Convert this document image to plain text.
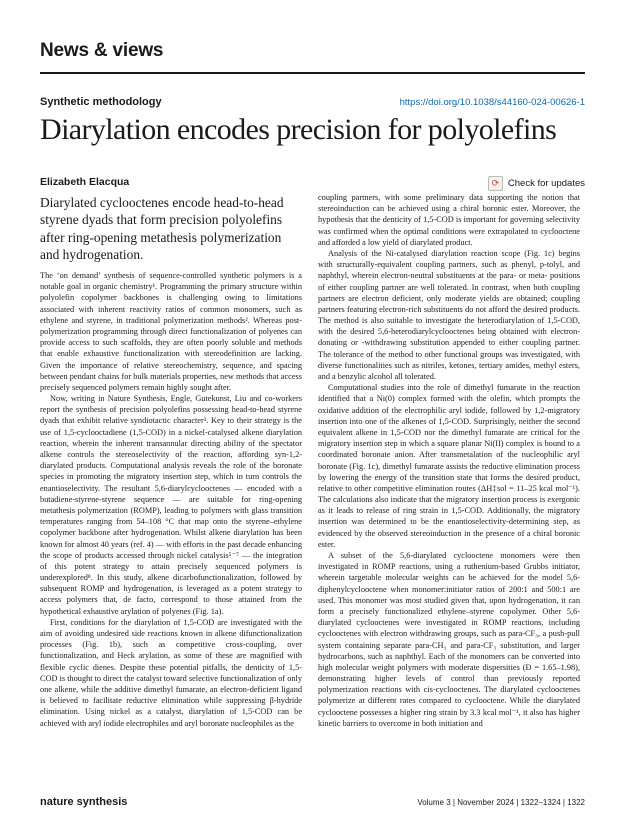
News & views
Synthetic methodology	https://doi.org/10.1038/s44160-024-00626-1
Diarylation encodes precision for polyolefins
Elizabeth Elacqua	⟳ Check for updates
Diarylated cyclooctenes encode head-to-head styrene dyads that form precision polyolefins after ring-opening metathesis polymerization and hydrogenation.

The ‘on demand’ synthesis of sequence-controlled synthetic polymers is a notable goal in organic chemistry¹. Programming the primary structure within polyolefin copolymer backbones is challenging owing to limitations associated with inherent reactivity ratios of common monomers, such as ethylene and styrene, in traditional polymerization methods². Whereas post-polymerization programming through direct functionalization of polyenes can provide access to such scaffolds, they are often poorly soluble and methods that enable exhaustive functionalization with stereodefinition are lacking. Given the importance of relative stereochemistry, sequence, and spacing between pendant chains for bulk materials properties, new methods that access precisely sequenced polymers remain highly sought after.

Now, writing in Nature Synthesis, Engle, Gutekunst, Liu and co-workers report the synthesis of precision polyolefins possessing head-to-head styrene dyads that exhibit relative syndiotactic character³. Key to their strategy is the use of 1,5-cyclooctadiene (1,5-COD) in a nickel-catalysed alkene diarylation reaction, wherein the inherent transannular directing ability of the spectator alkene controls the stereoselectivity of the reaction, affording syn-1,2-diarylated products. Computational analysis reveals the role of the boronate species in promoting the migratory insertion step, which in turn controls the enantioselectivity. The resultant 5,6-diarylcyclooctenes — encoded with a butadiene-styrene-styrene sequence — are suitable for ring-opening metathesis polymerization (ROMP), leading to polymers with glass transition temperatures ranging from 54–108 °C that map onto the styrene–ethylene copolymer backbone after hydrogenation. Whilst alkene diarylation has been known for almost 40 years (ref. 4) — with efforts in the past decade enhancing the scope of products accessed through nickel catalysis⁵⁻⁷ — the integration of this potent strategy to attain precisely sequenced polymers is underexplored⁸. In this study, alkene dicarbofunctionalization, followed by subsequent ROMP and hydrogenation, is leveraged as a potent strategy to access polymers that, de facto, correspond to those attained from the hypothetical exhaustive arylation of polyenes (Fig. 1a).

First, conditions for the diarylation of 1,5-COD are investigated with the aim of avoiding undesired side reactions known in alkene difunctionalization processes (Fig. 1b), such as competitive cross-coupling, over functionalization, and Heck arylation, as some of these are magnified with flexible cyclic dienes. Despite these potential pitfalls, the denticity of 1,5-COD is thought to direct the catalyst toward selective functionalization of only one alkene, while the additive dimethyl fumarate, an electron-deficient ligand is believed to facilitate reductive elimination while suppressing β-hydride elimination. Using nickel as a catalyst, diarylation of 1,5-COD can be achieved with aryl iodide electrophiles and aryl boronate nucleophiles as the

coupling partners, with some preliminary data supporting the notion that stereoinduction can be achieved using a chiral boronic ester. Moreover, the hypothesis that the denticity of 1,5-COD is important for governing selectivity was confirmed when the optimal conditions were extrapolated to cyclooctene and afforded a low yield of diarylated product.

Analysis of the Ni-catalysed diarylation reaction scope (Fig. 1c) begins with structurally-equivalent coupling partners, such as phenyl, p-tolyl, and naphthyl, wherein electron-neutral substituents at the para- or meta- positions of either coupling partner are well tolerated. In contrast, when both coupling partners are electron deficient, only moderate yields are obtained; coupling partners featuring electron-rich substituents do not afford the desired products. The method is also suitable to investigate the heterodiarylation of 1,5-COD, with the desired 5,6-heterodiarylcyclooctenes being obtained with electron-donating or -withdrawing substitution appended to either coupling partner. The tolerance of the method to other functional groups was investigated, with diverse functionalities such as nitriles, ketones, tertiary amides, methyl esters, and a benzylic alcohol all tolerated.

Computational studies into the role of dimethyl fumarate in the reaction identified that a Ni(0) complex formed with the olefin, which prompts the oxidative addition of the electrophilic aryl iodide, followed by 1,2-migratory insertion into one of the alkenes of 1,5-COD. Surprisingly, neither the second equivalent alkene in 1,5-COD nor the dimethyl fumarate are critical for the migratory insertion step in which a square planar Ni(II) complex is bound to a coordinated boronate anion. After transmetalation of the nucleophilic aryl boronate (Fig. 1c), dimethyl fumarate assists the reductive elimination process by lowering the energy of the transition state that forms the desired product, relative to other competitive elimination routes (ΔH‡sol = 11–25 kcal mol⁻¹). The calculations also indicate that the migratory insertion process is exergonic as it leads to release of ring strain in 1,5-COD. Additionally, the migratory insertion was determined to be the enantioselectivity-determining step, as evidenced by the observed stereoinduction in the presence of a chiral boronic ester.

A subset of the 5,6-diarylated cyclooctene monomers were then investigated in ROMP reactions, using a ruthenium-based Grubbs initiator, wherein targetable molecular weights can be achieved for the model 5,6-diphenylcyclooctene when monomer:initiator ratios of 200:1 and 500:1 are used. This monomer was most studied given that, upon hydrogenation, it can form a precisely functionalized ethylene–styrene copolymer. Other 5,6-diarylated cyclooctenes were investigated in ROMP reactions, including cyclooctenes with electron withdrawing groups, such as para-CF₃, a push-pull system containing separate para-CH₃ and para-CF₃ substitution, and larger hydrocarbons, such as naphthyl. Each of the monomers can be converted into high molecular weight polymers with moderate dispersities (Đ = 1.65–1.98), demonstrating higher levels of control than previously reported polymerization reactions with cis-cyclooctenes. The diarylated cyclooctenes polymerize at different rates compared to cyclooctene. While the diarylated cyclooctene possesses a higher ring strain by 3.3 kcal mol⁻¹, it also has higher kinetic barriers to overcome in both initiation and

nature synthesis	Volume 3 | November 2024 | 1322–1324 | 1322
